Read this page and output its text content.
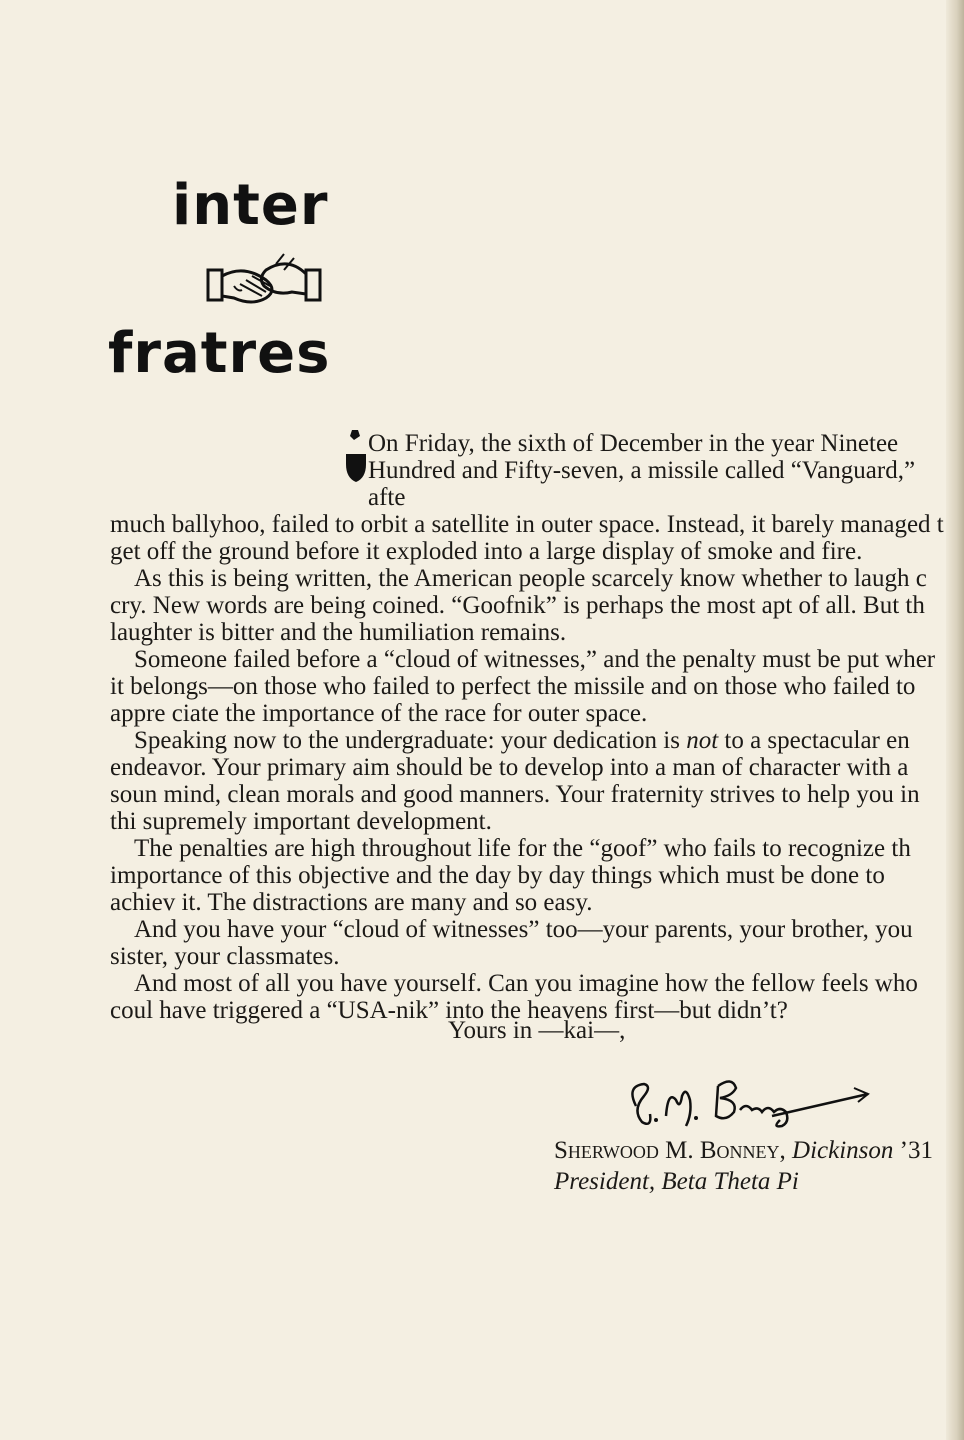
inter
fratres

On Friday, the sixth of December in the year Ninetee
Hundred and Fifty-seven, a missile called “Vanguard,” afte
much ballyhoo, failed to orbit a satellite in outer space. Instead, it barely managed t get off the ground before it exploded into a large display of smoke and fire.

As this is being written, the American people scarcely know whether to laugh c cry. New words are being coined. “Goofnik” is perhaps the most apt of all. But th laughter is bitter and the humiliation remains.

Someone failed before a “cloud of witnesses,” and the penalty must be put wher it belongs—on those who failed to perfect the missile and on those who failed to appre ciate the importance of the race for outer space.

Speaking now to the undergraduate: your dedication is not to a spectacular en endeavor. Your primary aim should be to develop into a man of character with a soun mind, clean morals and good manners. Your fraternity strives to help you in thi supremely important development.

The penalties are high throughout life for the “goof” who fails to recognize th importance of this objective and the day by day things which must be done to achiev it. The distractions are many and so easy.

And you have your “cloud of witnesses” too—your parents, your brother, you sister, your classmates.

And most of all you have yourself. Can you imagine how the fellow feels who coul have triggered a “USA-nik” into the heavens first—but didn’t?

Yours in —kai—,
Sherwood M. Bonney, Dickinson ’31
President, Beta Theta Pi
